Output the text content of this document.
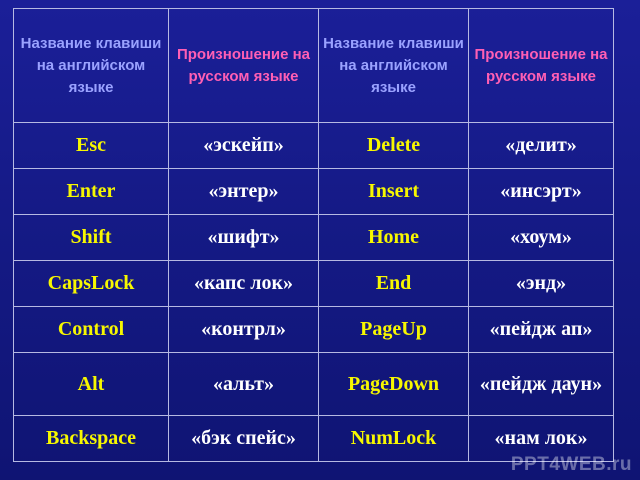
Название клавиши на английском языке	Произношение на русском языке	Название клавиши на английском языке	Произношение на русском языке
Esc	«эскейп»	Delete	«делит»
Enter	«энтер»	Insert	«инсэрт»
Shift	«шифт»	Home	«хоум»
CapsLock	«капс лок»	End	«энд»
Control	«контрл»	PageUp	«пейдж ап»
Alt	«альт»	PageDown	«пейдж даун»
Backspace	«бэк спейс»	NumLock	«нам лок»
PPT4WEB.ru
